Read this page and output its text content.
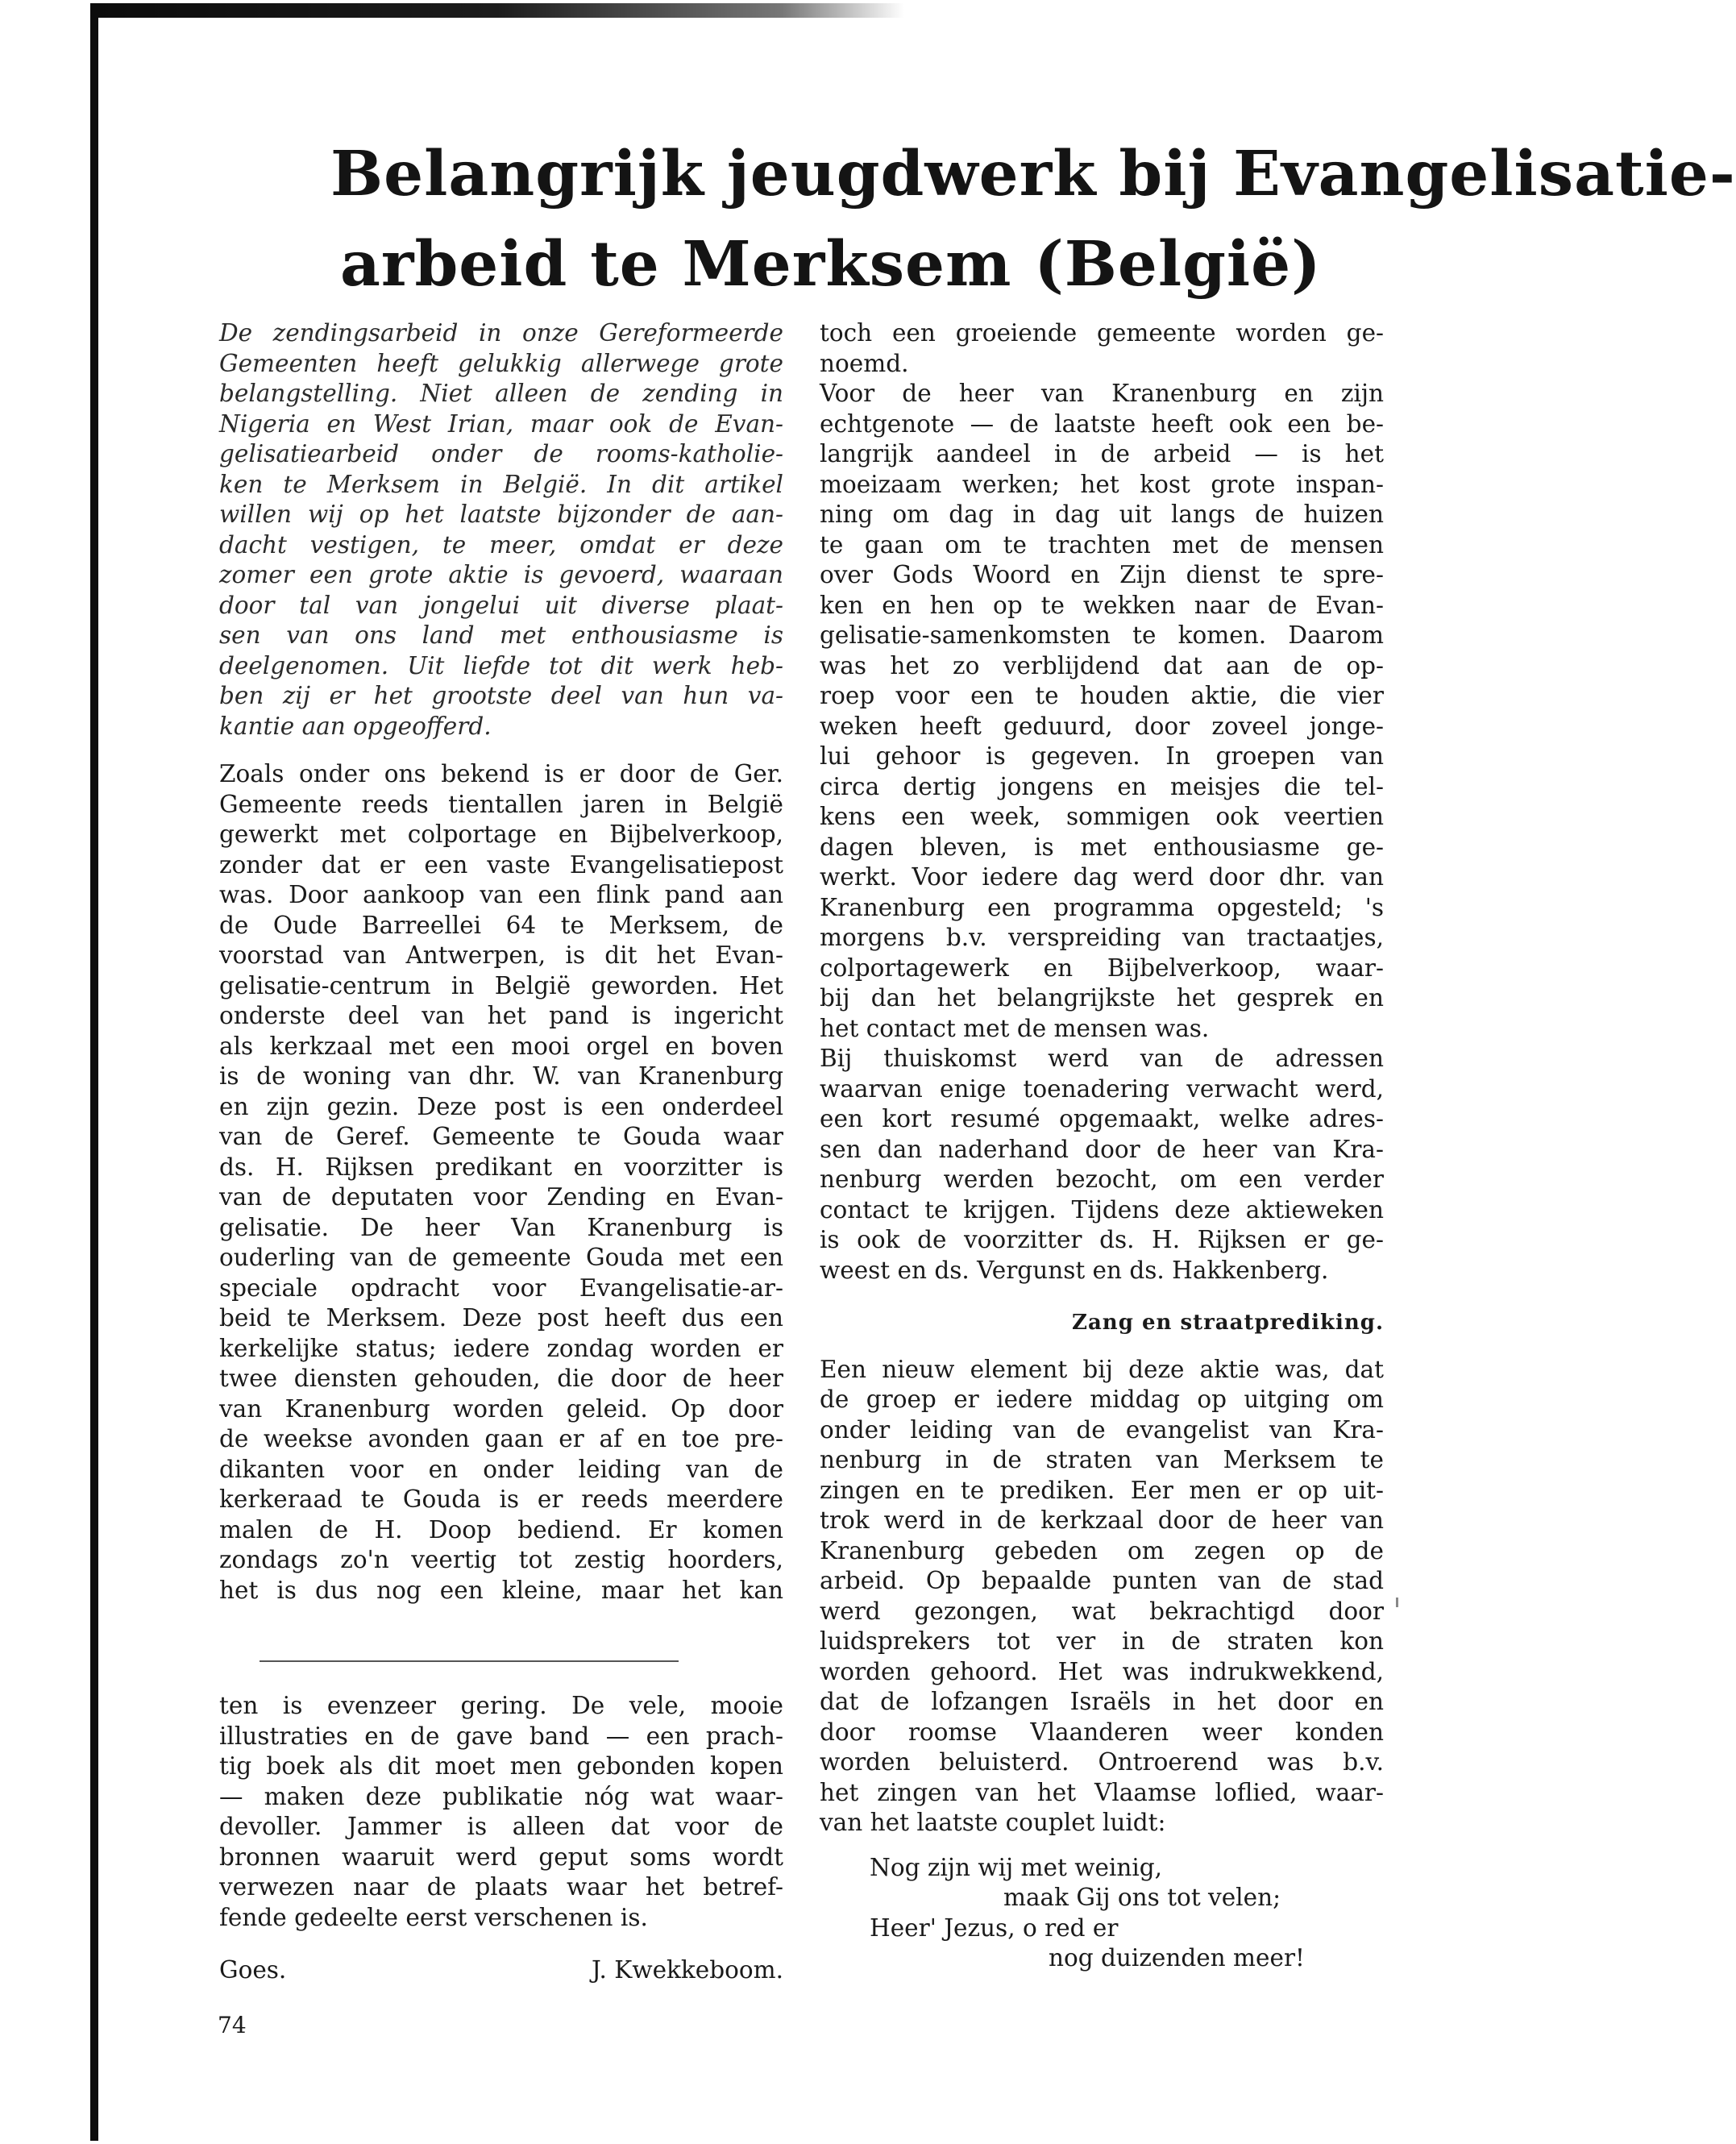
Belangrijk jeugdwerk bij Evangelisatie-
arbeid te Merksem (België)
De zendingsarbeid in onze Gereformeerde
Gemeenten heeft gelukkig allerwege grote
belangstelling. Niet alleen de zending in
Nigeria en West Irian, maar ook de Evan-
gelisatiearbeid onder de rooms-katholie-
ken te Merksem in België. In dit artikel
willen wij op het laatste bijzonder de aan-
dacht vestigen, te meer, omdat er deze
zomer een grote aktie is gevoerd, waaraan
door tal van jongelui uit diverse plaat-
sen van ons land met enthousiasme is
deelgenomen. Uit liefde tot dit werk heb-
ben zij er het grootste deel van hun va-
kantie aan opgeofferd.
Zoals onder ons bekend is er door de Ger.
Gemeente reeds tientallen jaren in België
gewerkt met colportage en Bijbelverkoop,
zonder dat er een vaste Evangelisatiepost
was. Door aankoop van een flink pand aan
de Oude Barreellei 64 te Merksem, de
voorstad van Antwerpen, is dit het Evan-
gelisatie-centrum in België geworden. Het
onderste deel van het pand is ingericht
als kerkzaal met een mooi orgel en boven
is de woning van dhr. W. van Kranenburg
en zijn gezin. Deze post is een onderdeel
van de Geref. Gemeente te Gouda waar
ds. H. Rijksen predikant en voorzitter is
van de deputaten voor Zending en Evan-
gelisatie. De heer Van Kranenburg is
ouderling van de gemeente Gouda met een
speciale opdracht voor Evangelisatie-ar-
beid te Merksem. Deze post heeft dus een
kerkelijke status; iedere zondag worden er
twee diensten gehouden, die door de heer
van Kranenburg worden geleid. Op door
de weekse avonden gaan er af en toe pre-
dikanten voor en onder leiding van de
kerkeraad te Gouda is er reeds meerdere
malen de H. Doop bediend. Er komen
zondags zo'n veertig tot zestig hoorders,
het is dus nog een kleine, maar het kan
ten is evenzeer gering. De vele, mooie
illustraties en de gave band — een prach-
tig boek als dit moet men gebonden kopen
— maken deze publikatie nóg wat waar-
devoller. Jammer is alleen dat voor de
bronnen waaruit werd geput soms wordt
verwezen naar de plaats waar het betref-
fende gedeelte eerst verschenen is.
Goes.	J. Kwekkeboom.
toch een groeiende gemeente worden ge-
noemd.
Voor de heer van Kranenburg en zijn
echtgenote — de laatste heeft ook een be-
langrijk aandeel in de arbeid — is het
moeizaam werken; het kost grote inspan-
ning om dag in dag uit langs de huizen
te gaan om te trachten met de mensen
over Gods Woord en Zijn dienst te spre-
ken en hen op te wekken naar de Evan-
gelisatie-samenkomsten te komen. Daarom
was het zo verblijdend dat aan de op-
roep voor een te houden aktie, die vier
weken heeft geduurd, door zoveel jonge-
lui gehoor is gegeven. In groepen van
circa dertig jongens en meisjes die tel-
kens een week, sommigen ook veertien
dagen bleven, is met enthousiasme ge-
werkt. Voor iedere dag werd door dhr. van
Kranenburg een programma opgesteld; 's
morgens b.v. verspreiding van tractaatjes,
colportagewerk en Bijbelverkoop, waar-
bij dan het belangrijkste het gesprek en
het contact met de mensen was.
Bij thuiskomst werd van de adressen
waarvan enige toenadering verwacht werd,
een kort resumé opgemaakt, welke adres-
sen dan naderhand door de heer van Kra-
nenburg werden bezocht, om een verder
contact te krijgen. Tijdens deze aktieweken
is ook de voorzitter ds. H. Rijksen er ge-
weest en ds. Vergunst en ds. Hakkenberg.
Zang en straatprediking.
Een nieuw element bij deze aktie was, dat
de groep er iedere middag op uitging om
onder leiding van de evangelist van Kra-
nenburg in de straten van Merksem te
zingen en te prediken. Eer men er op uit-
trok werd in de kerkzaal door de heer van
Kranenburg gebeden om zegen op de
arbeid. Op bepaalde punten van de stad
werd gezongen, wat bekrachtigd door
luidsprekers tot ver in de straten kon
worden gehoord. Het was indrukwekkend,
dat de lofzangen Israëls in het door en
door roomse Vlaanderen weer konden
worden beluisterd. Ontroerend was b.v.
het zingen van het Vlaamse loflied, waar-
van het laatste couplet luidt:
Nog zijn wij met weinig,
maak Gij ons tot velen;
Heer' Jezus, o red er
nog duizenden meer!
74
